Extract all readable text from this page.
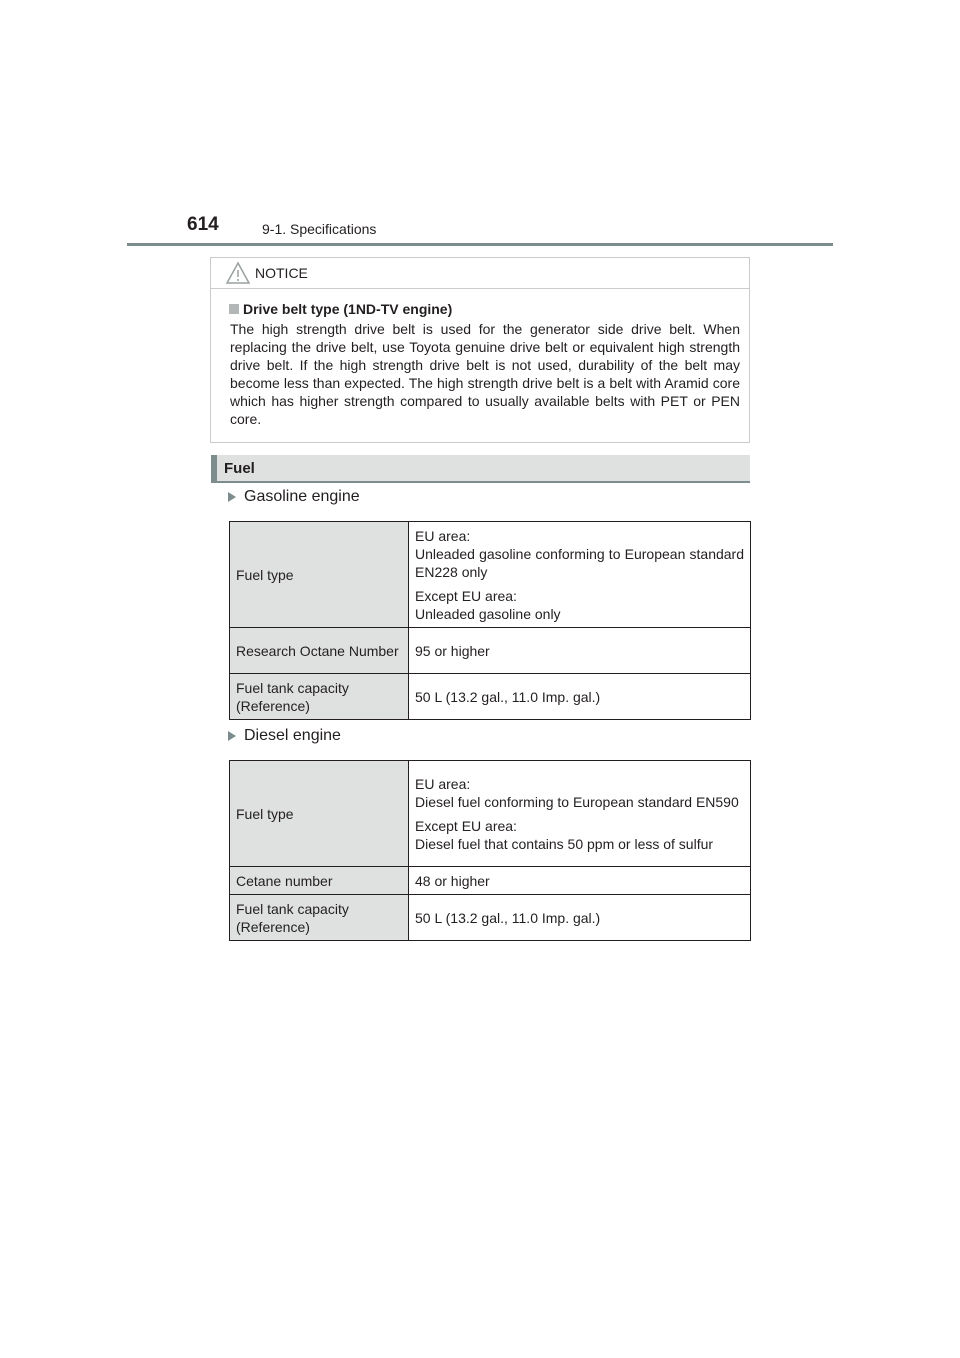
614	9-1. Specifications
NOTICE

Drive belt type (1ND-TV engine)

The high strength drive belt is used for the generator side drive belt. When replacing the drive belt, use Toyota genuine drive belt or equivalent high strength drive belt. If the high strength drive belt is not used, durability of the belt may become less than expected. The high strength drive belt is a belt with Aramid core which has higher strength compared to usually available belts with PET or PEN core.

Fuel
Gasoline engine
Fuel type	EU area:
Unleaded gasoline conforming to European standard EN228 only
Except EU area:
Unleaded gasoline only

Research Octane Number	95 or higher
Fuel tank capacity (Reference)	50 L (13.2 gal., 11.0 Imp. gal.)
Diesel engine
Fuel type	EU area:
Diesel fuel conforming to European standard EN590
Except EU area:
Diesel fuel that contains 50 ppm or less of sulfur

Cetane number	48 or higher
Fuel tank capacity (Reference)	50 L (13.2 gal., 11.0 Imp. gal.)
